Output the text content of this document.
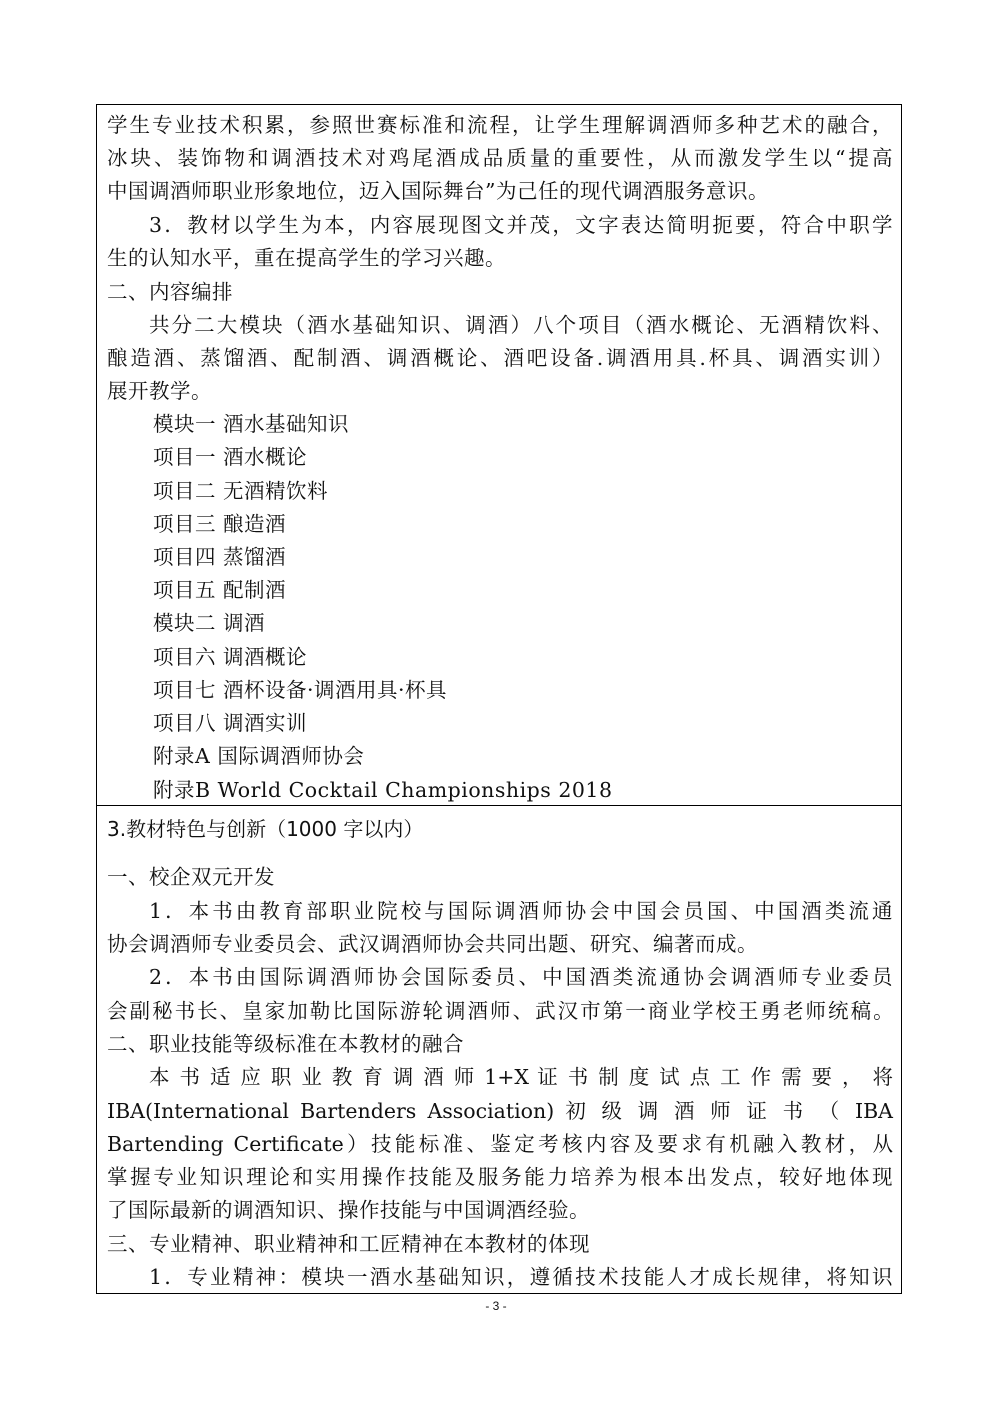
学生专业技术积累，参照世赛标准和流程，让学生理解调酒师多种艺术的融合，
冰块、装饰物和调酒技术对鸡尾酒成品质量的重要性，从而激发学生以“提高
中国调酒师职业形象地位，迈入国际舞台”为己任的现代调酒服务意识。
3．教材以学生为本，内容展现图文并茂，文字表达简明扼要，符合中职学
生的认知水平，重在提高学生的学习兴趣。
二、内容编排
共分二大模块（酒水基础知识、调酒）八个项目（酒水概论、无酒精饮料、
酿造酒、蒸馏酒、配制酒、调酒概论、酒吧设备.调酒用具.杯具、调酒实训）
展开教学。
模块一 酒水基础知识
项目一 酒水概论
项目二 无酒精饮料
项目三 酿造酒
项目四 蒸馏酒
项目五 配制酒
模块二 调酒
项目六 调酒概论
项目七 酒杯设备·调酒用具·杯具
项目八 调酒实训
附录A 国际调酒师协会
附录B World Cocktail Championships 2018
3.教材特色与创新（1000 字以内）
一、校企双元开发
1．本书由教育部职业院校与国际调酒师协会中国会员国、中国酒类流通
协会调酒师专业委员会、武汉调酒师协会共同出题、研究、编著而成。
2．本书由国际调酒师协会国际委员、中国酒类流通协会调酒师专业委员
会副秘书长、皇家加勒比国际游轮调酒师、武汉市第一商业学校王勇老师统稿。
二、职业技能等级标准在本教材的融合
本 书 适 应 职 业 教 育 调 酒 师 1+X 证 书 制 度 试 点 工 作 需 要 ， 将
IBA(International Bartenders Association) 初 级 调 酒 师 证 书 （ IBA
Bartending Certificate）技能标准、鉴定考核内容及要求有机融入教材，从
掌握专业知识理论和实用操作技能及服务能力培养为根本出发点，较好地体现
了国际最新的调酒知识、操作技能与中国调酒经验。
三、专业精神、职业精神和工匠精神在本教材的体现
1．专业精神：模块一酒水基础知识，遵循技术技能人才成长规律，将知识
- 3 -
